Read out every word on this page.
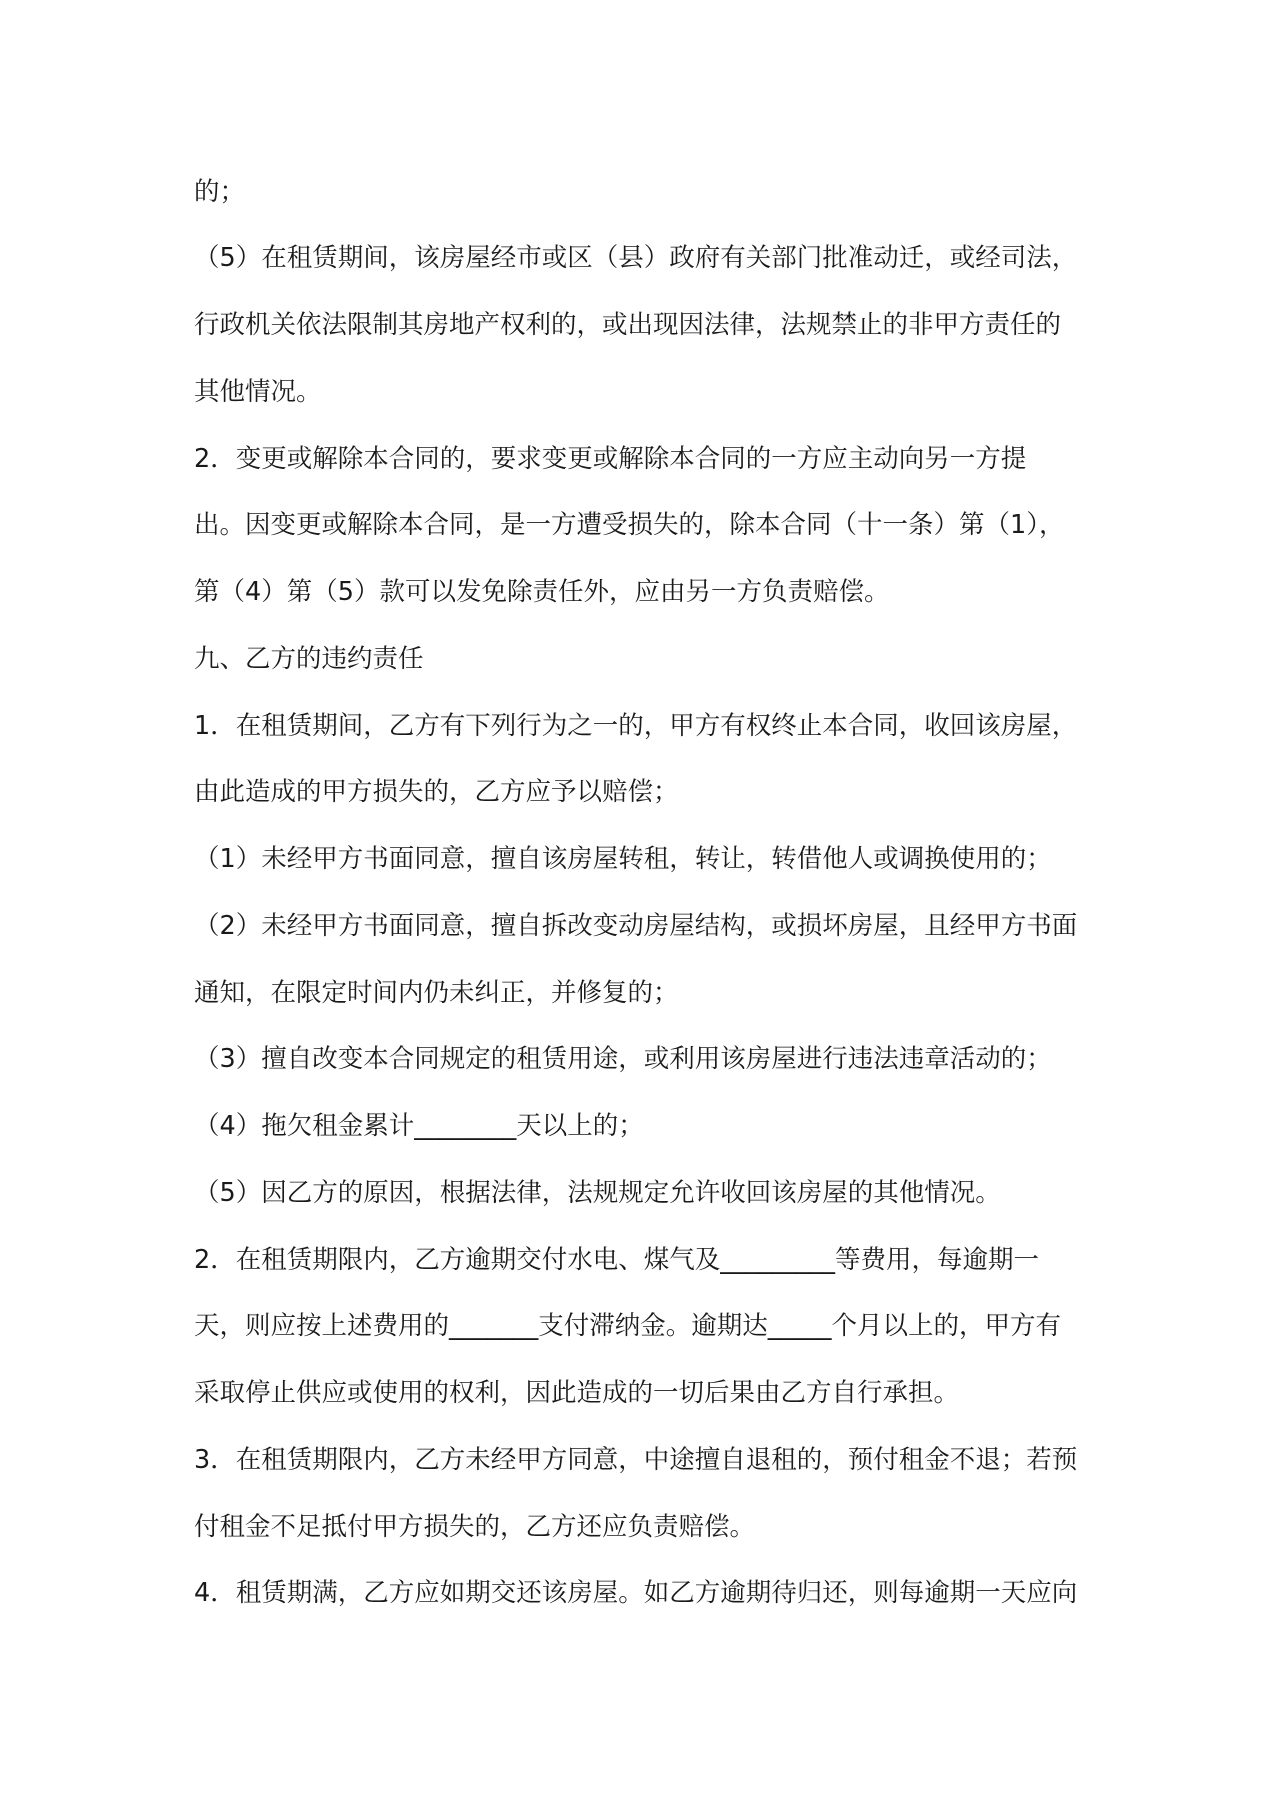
的；
（5）在租赁期间，该房屋经市或区（县）政府有关部门批准动迁，或经司法，
行政机关依法限制其房地产权利的，或出现因法律，法规禁止的非甲方责任的
其他情况。
2．变更或解除本合同的，要求变更或解除本合同的一方应主动向另一方提
出。因变更或解除本合同，是一方遭受损失的，除本合同（十一条）第（1），
第（4）第（5）款可以发免除责任外，应由另一方负责赔偿。
九、乙方的违约责任
1．在租赁期间，乙方有下列行为之一的，甲方有权终止本合同，收回该房屋，
由此造成的甲方损失的，乙方应予以赔偿；
（1）未经甲方书面同意，擅自该房屋转租，转让，转借他人或调换使用的；
（2）未经甲方书面同意，擅自拆改变动房屋结构，或损坏房屋，且经甲方书面
通知，在限定时间内仍未纠正，并修复的；
（3）擅自改变本合同规定的租赁用途，或利用该房屋进行违法违章活动的；
（4）拖欠租金累计________天以上的；
（5）因乙方的原因，根据法律，法规规定允许收回该房屋的其他情况。
2．在租赁期限内，乙方逾期交付水电、煤气及_________等费用，每逾期一
天，则应按上述费用的_______支付滞纳金。逾期达_____个月以上的，甲方有
采取停止供应或使用的权利，因此造成的一切后果由乙方自行承担。
3．在租赁期限内，乙方未经甲方同意，中途擅自退租的，预付租金不退；若预
付租金不足抵付甲方损失的，乙方还应负责赔偿。
4．租赁期满，乙方应如期交还该房屋。如乙方逾期待归还，则每逾期一天应向
